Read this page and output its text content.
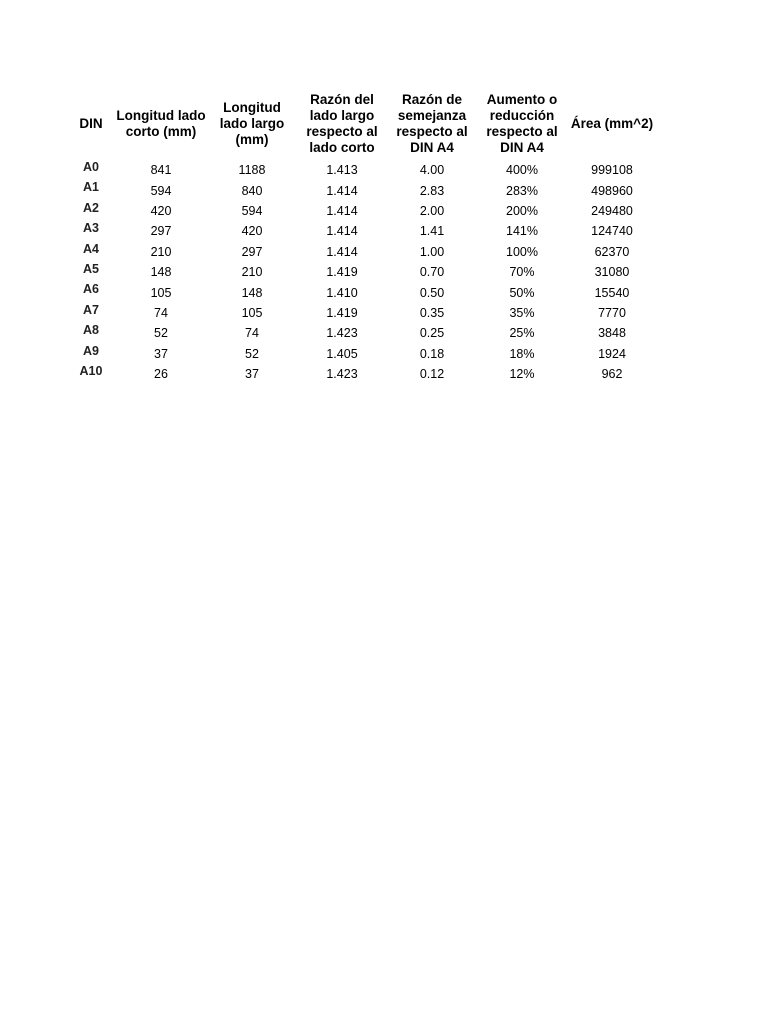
DIN	Longitud lado corto (mm)	Longitud lado largo (mm)	Razón del lado largo respecto al lado corto	Razón de semejanza respecto al DIN A4	Aumento o reducción respecto al DIN A4	Área (mm^2)
A0	841	1188	1.413	4.00	400%	999108
A1	594	840	1.414	2.83	283%	498960
A2	420	594	1.414	2.00	200%	249480
A3	297	420	1.414	1.41	141%	124740
A4	210	297	1.414	1.00	100%	62370
A5	148	210	1.419	0.70	70%	31080
A6	105	148	1.410	0.50	50%	15540
A7	74	105	1.419	0.35	35%	7770
A8	52	74	1.423	0.25	25%	3848
A9	37	52	1.405	0.18	18%	1924
A10	26	37	1.423	0.12	12%	962
